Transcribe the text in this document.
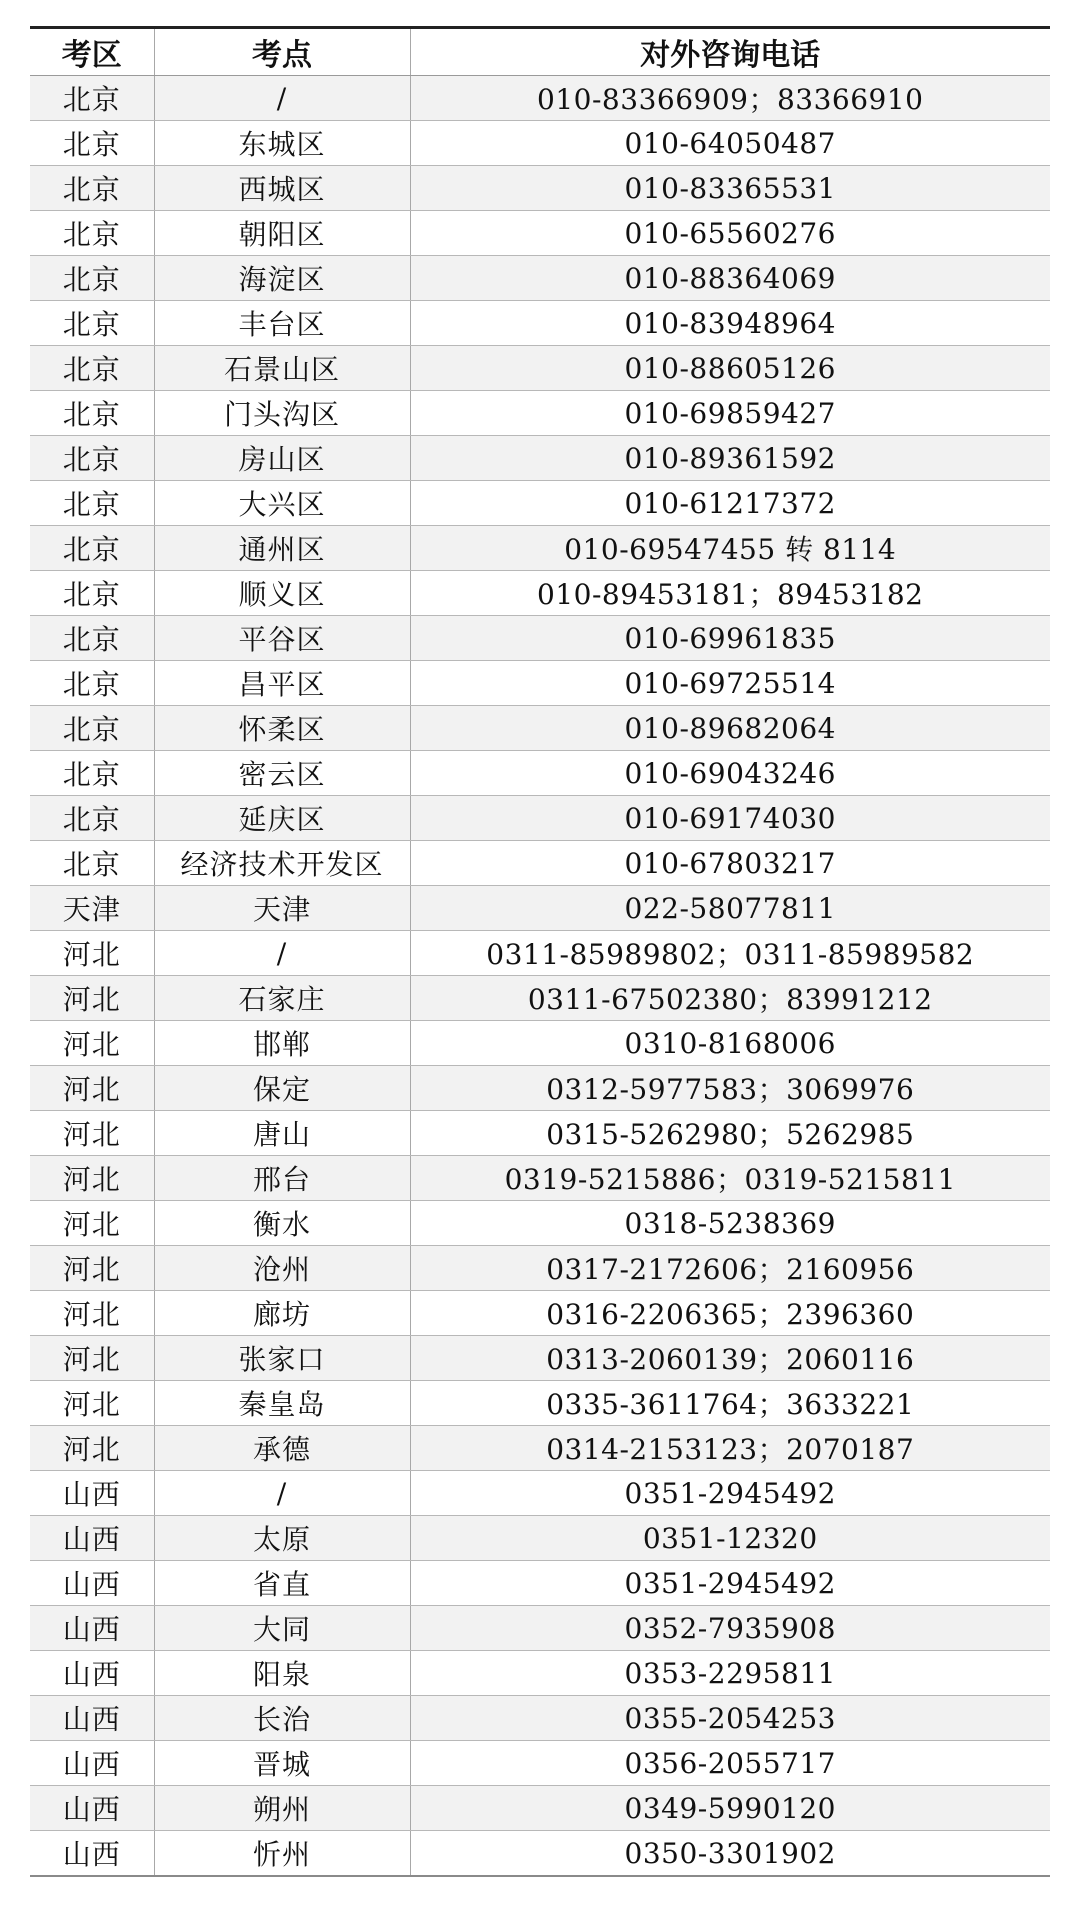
考区	考点	对外咨询电话
北京	/	010-83366909；83366910
北京	东城区	010-64050487
北京	西城区	010-83365531
北京	朝阳区	010-65560276
北京	海淀区	010-88364069
北京	丰台区	010-83948964
北京	石景山区	010-88605126
北京	门头沟区	010-69859427
北京	房山区	010-89361592
北京	大兴区	010-61217372
北京	通州区	010-69547455 转 8114
北京	顺义区	010-89453181；89453182
北京	平谷区	010-69961835
北京	昌平区	010-69725514
北京	怀柔区	010-89682064
北京	密云区	010-69043246
北京	延庆区	010-69174030
北京	经济技术开发区	010-67803217
天津	天津	022-58077811
河北	/	0311-85989802；0311-85989582
河北	石家庄	0311-67502380；83991212
河北	邯郸	0310-8168006
河北	保定	0312-5977583；3069976
河北	唐山	0315-5262980；5262985
河北	邢台	0319-5215886；0319-5215811
河北	衡水	0318-5238369
河北	沧州	0317-2172606；2160956
河北	廊坊	0316-2206365；2396360
河北	张家口	0313-2060139；2060116
河北	秦皇岛	0335-3611764；3633221
河北	承德	0314-2153123；2070187
山西	/	0351-2945492
山西	太原	0351-12320
山西	省直	0351-2945492
山西	大同	0352-7935908
山西	阳泉	0353-2295811
山西	长治	0355-2054253
山西	晋城	0356-2055717
山西	朔州	0349-5990120
山西	忻州	0350-3301902
